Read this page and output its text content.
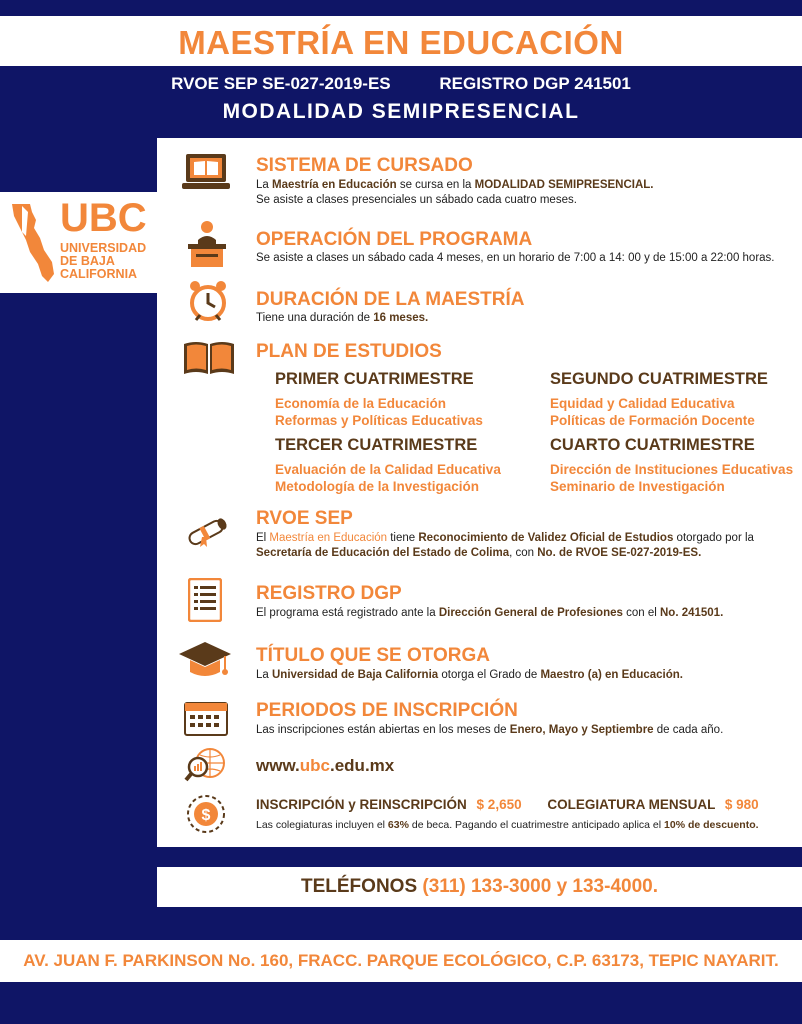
MAESTRÍA EN EDUCACIÓN
RVOE SEP SE-027-2019-ES	REGISTRO DGP 241501
MODALIDAD SEMIPRESENCIAL
UBC
UNIVERSIDAD
DE BAJA
CALIFORNIA
SISTEMA DE CURSADO
La Maestría en Educación se cursa en la MODALIDAD SEMIPRESENCIAL.
Se asiste a clases presenciales un sábado cada cuatro meses.
OPERACIÓN DEL PROGRAMA
Se asiste a clases un sábado cada 4 meses, en un horario de 7:00 a 14: 00 y de 15:00 a 22:00 horas.
DURACIÓN DE LA MAESTRÍA
Tiene una duración de 16 meses.
PLAN DE ESTUDIOS
PRIMER CUATRIMESTRE
Economía de la Educación
Reformas y Políticas Educativas
SEGUNDO CUATRIMESTRE
Equidad y Calidad Educativa
Políticas de Formación Docente
TERCER CUATRIMESTRE
Evaluación de la Calidad Educativa
Metodología de la Investigación
CUARTO CUATRIMESTRE
Dirección de Instituciones Educativas
Seminario de Investigación
RVOE SEP
El Maestría en Educación tiene Reconocimiento de Validez Oficial de Estudios otorgado por la
Secretaría de Educación del Estado de Colima, con No. de RVOE SE-027-2019-ES.
REGISTRO DGP
El programa está registrado ante la Dirección General de Profesiones con el No. 241501.
TÍTULO QUE SE OTORGA
La Universidad de Baja California otorga el Grado de Maestro (a) en Educación.
PERIODOS DE INSCRIPCIÓN
Las inscripciones están abiertas en los meses de Enero, Mayo y Septiembre de cada año.
www.ubc.edu.mx
$
INSCRIPCIÓN y REINSCRIPCIÓN $ 2,650 COLEGIATURA MENSUAL $ 980
Las colegiaturas incluyen el 63% de beca. Pagando el cuatrimestre anticipado aplica el 10% de descuento.
TELÉFONOS (311) 133-3000 y 133-4000.
AV. JUAN F. PARKINSON No. 160, FRACC. PARQUE ECOLÓGICO, C.P. 63173, TEPIC NAYARIT.
